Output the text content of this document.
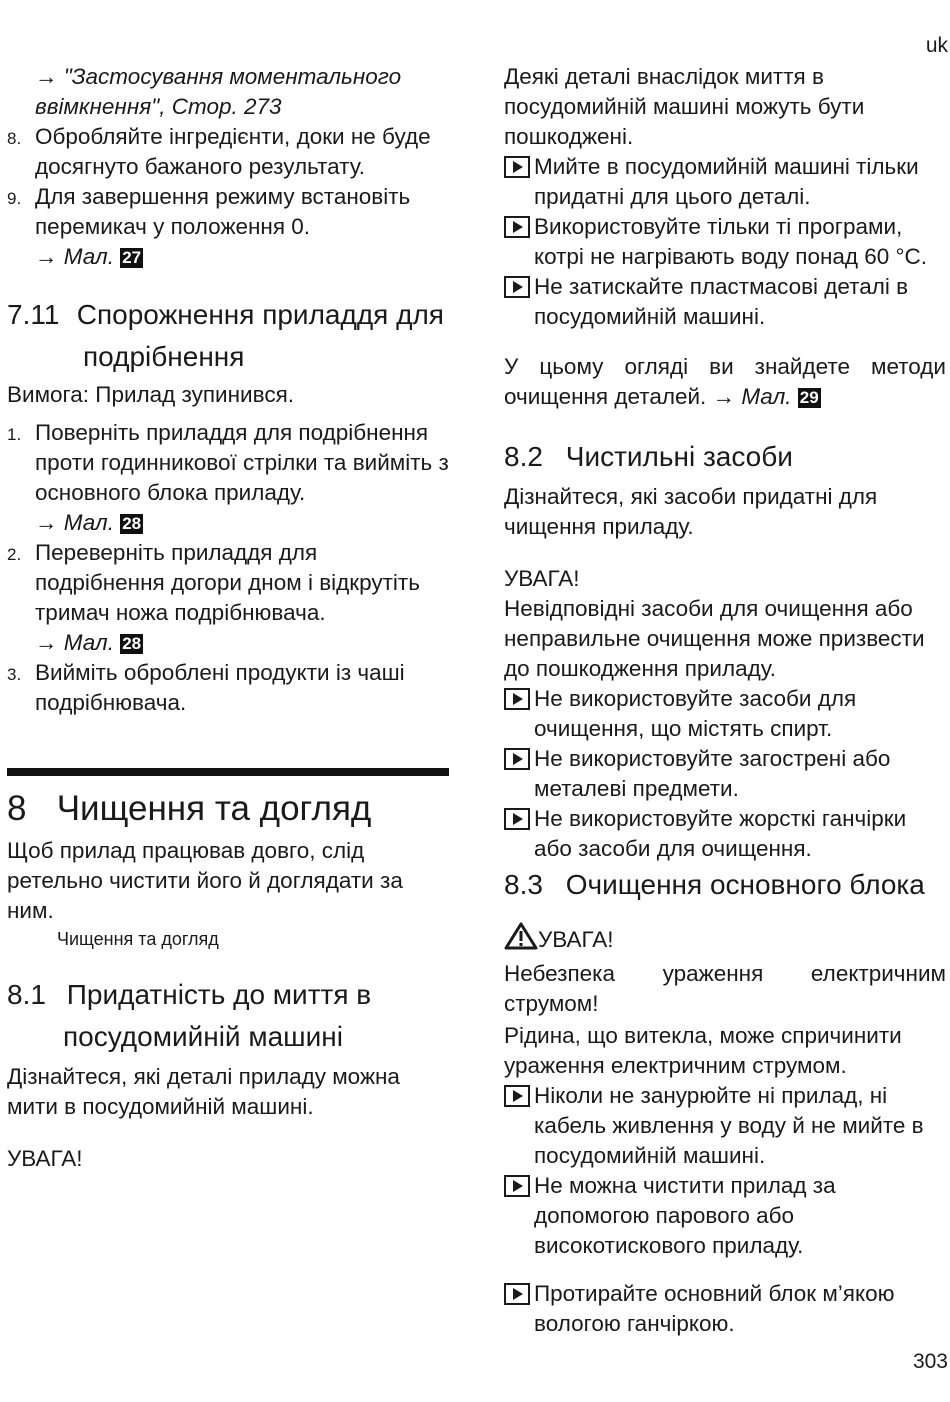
uk

→ "Застосування моментального ввімкнення", Стор. 273

8. Обробляйте інгредієнти, доки не буде досягнуто бажаного результату.
9. Для завершення режиму встановіть перемикач у положення 0.
→ Мал. 27
7.11 Спорожнення приладдя для
подрібнення

Вимога: Прилад зупинився.

1. Поверніть приладдя для подрібнення проти годинникової стрілки та вийміть з основного блока приладу.
→ Мал. 28
2. Переверніть приладдя для подрібнення догори дном і відкрутіть тримач ножа подрібнювача.
→ Мал. 28
3. Вийміть оброблені продукти із чаші подрібнювача.
8 Чищення та догляд

Щоб прилад працював довго, слід ретельно чистити його й доглядати за ним.

Чищення та догляд

8.1 Придатність до миття в
посудомийній машині

Дізнайтеся, які деталі приладу можна мити в посудомийній машині.

УВАГА!

Деякі деталі внаслідок миття в посудомийній машині можуть бути пошкоджені.

Мийте в посудомийній машині тільки придатні для цього деталі.
Використовуйте тільки ті програми, котрі не нагрівають воду понад 60 °C.
Не затискайте пластмасові деталі в посудомийній машині.

У цьому огляді ви знайдете методи очищення деталей. → Мал. 29

8.2 Чистильні засоби

Дізнайтеся, які засоби придатні для чищення приладу.

УВАГА!

Невідповідні засоби для очищення або неправильне очищення може призвести до пошкодження приладу.

Не використовуйте засоби для очищення, що містять спирт.
Не використовуйте загострені або металеві предмети.
Не використовуйте жорсткі ганчірки або засоби для очищення.
8.3 Очищення основного блока

УВАГА!

Небезпека ураження електричним

струмом!

Рідина, що витекла, може спричинити ураження електричним струмом.

Ніколи не занурюйте ні прилад, ні кабель живлення у воду й не мийте в посудомийній машині.
Не можна чистити прилад за допомогою парового або високотискового приладу.
Протирайте основний блок м’якою вологою ганчіркою.
303
